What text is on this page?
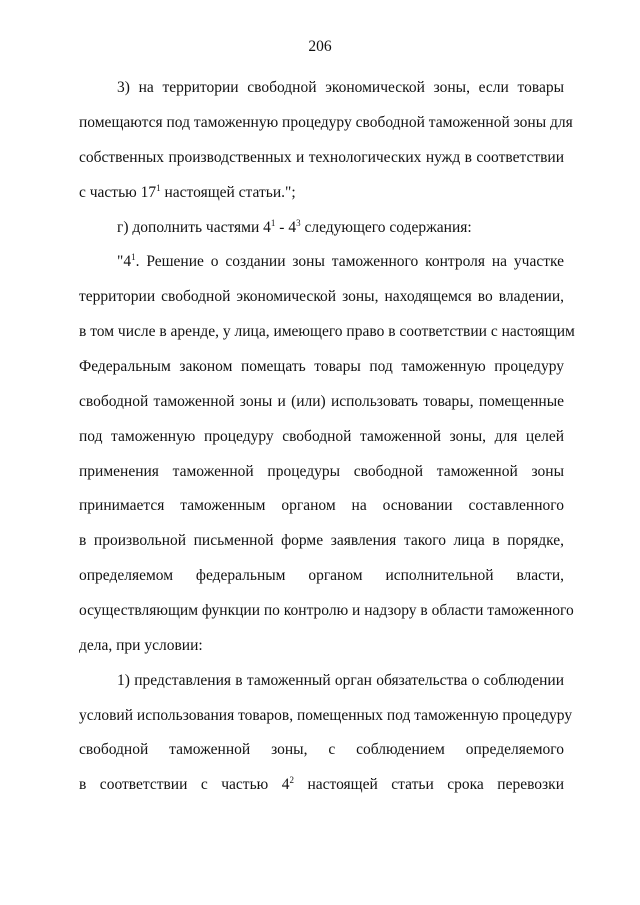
206
3) на территории свободной экономической зоны, если товары
помещаются под таможенную процедуру свободной таможенной зоны для
собственных производственных и технологических нужд в соответствии
с частью $17^1$ настоящей статьи.";
г) дополнить частями $4^1 - 4^3$ следующего содержания:
"$4^1$. Решение о создании зоны таможенного контроля на участке
территории свободной экономической зоны, находящемся во владении,
в том числе в аренде, у лица, имеющего право в соответствии с настоящим
Федеральным законом помещать товары под таможенную процедуру
свободной таможенной зоны и (или) использовать товары, помещенные
под таможенную процедуру свободной таможенной зоны, для целей
применения таможенной процедуры свободной таможенной зоны
принимается таможенным органом на основании составленного
в произвольной письменной форме заявления такого лица в порядке,
определяемом федеральным органом исполнительной власти,
осуществляющим функции по контролю и надзору в области таможенного
дела, при условии:
1) представления в таможенный орган обязательства о соблюдении
условий использования товаров, помещенных под таможенную процедуру
свободной таможенной зоны, с соблюдением определяемого
в соответствии с частью $4^2$ настоящей статьи срока перевозки
